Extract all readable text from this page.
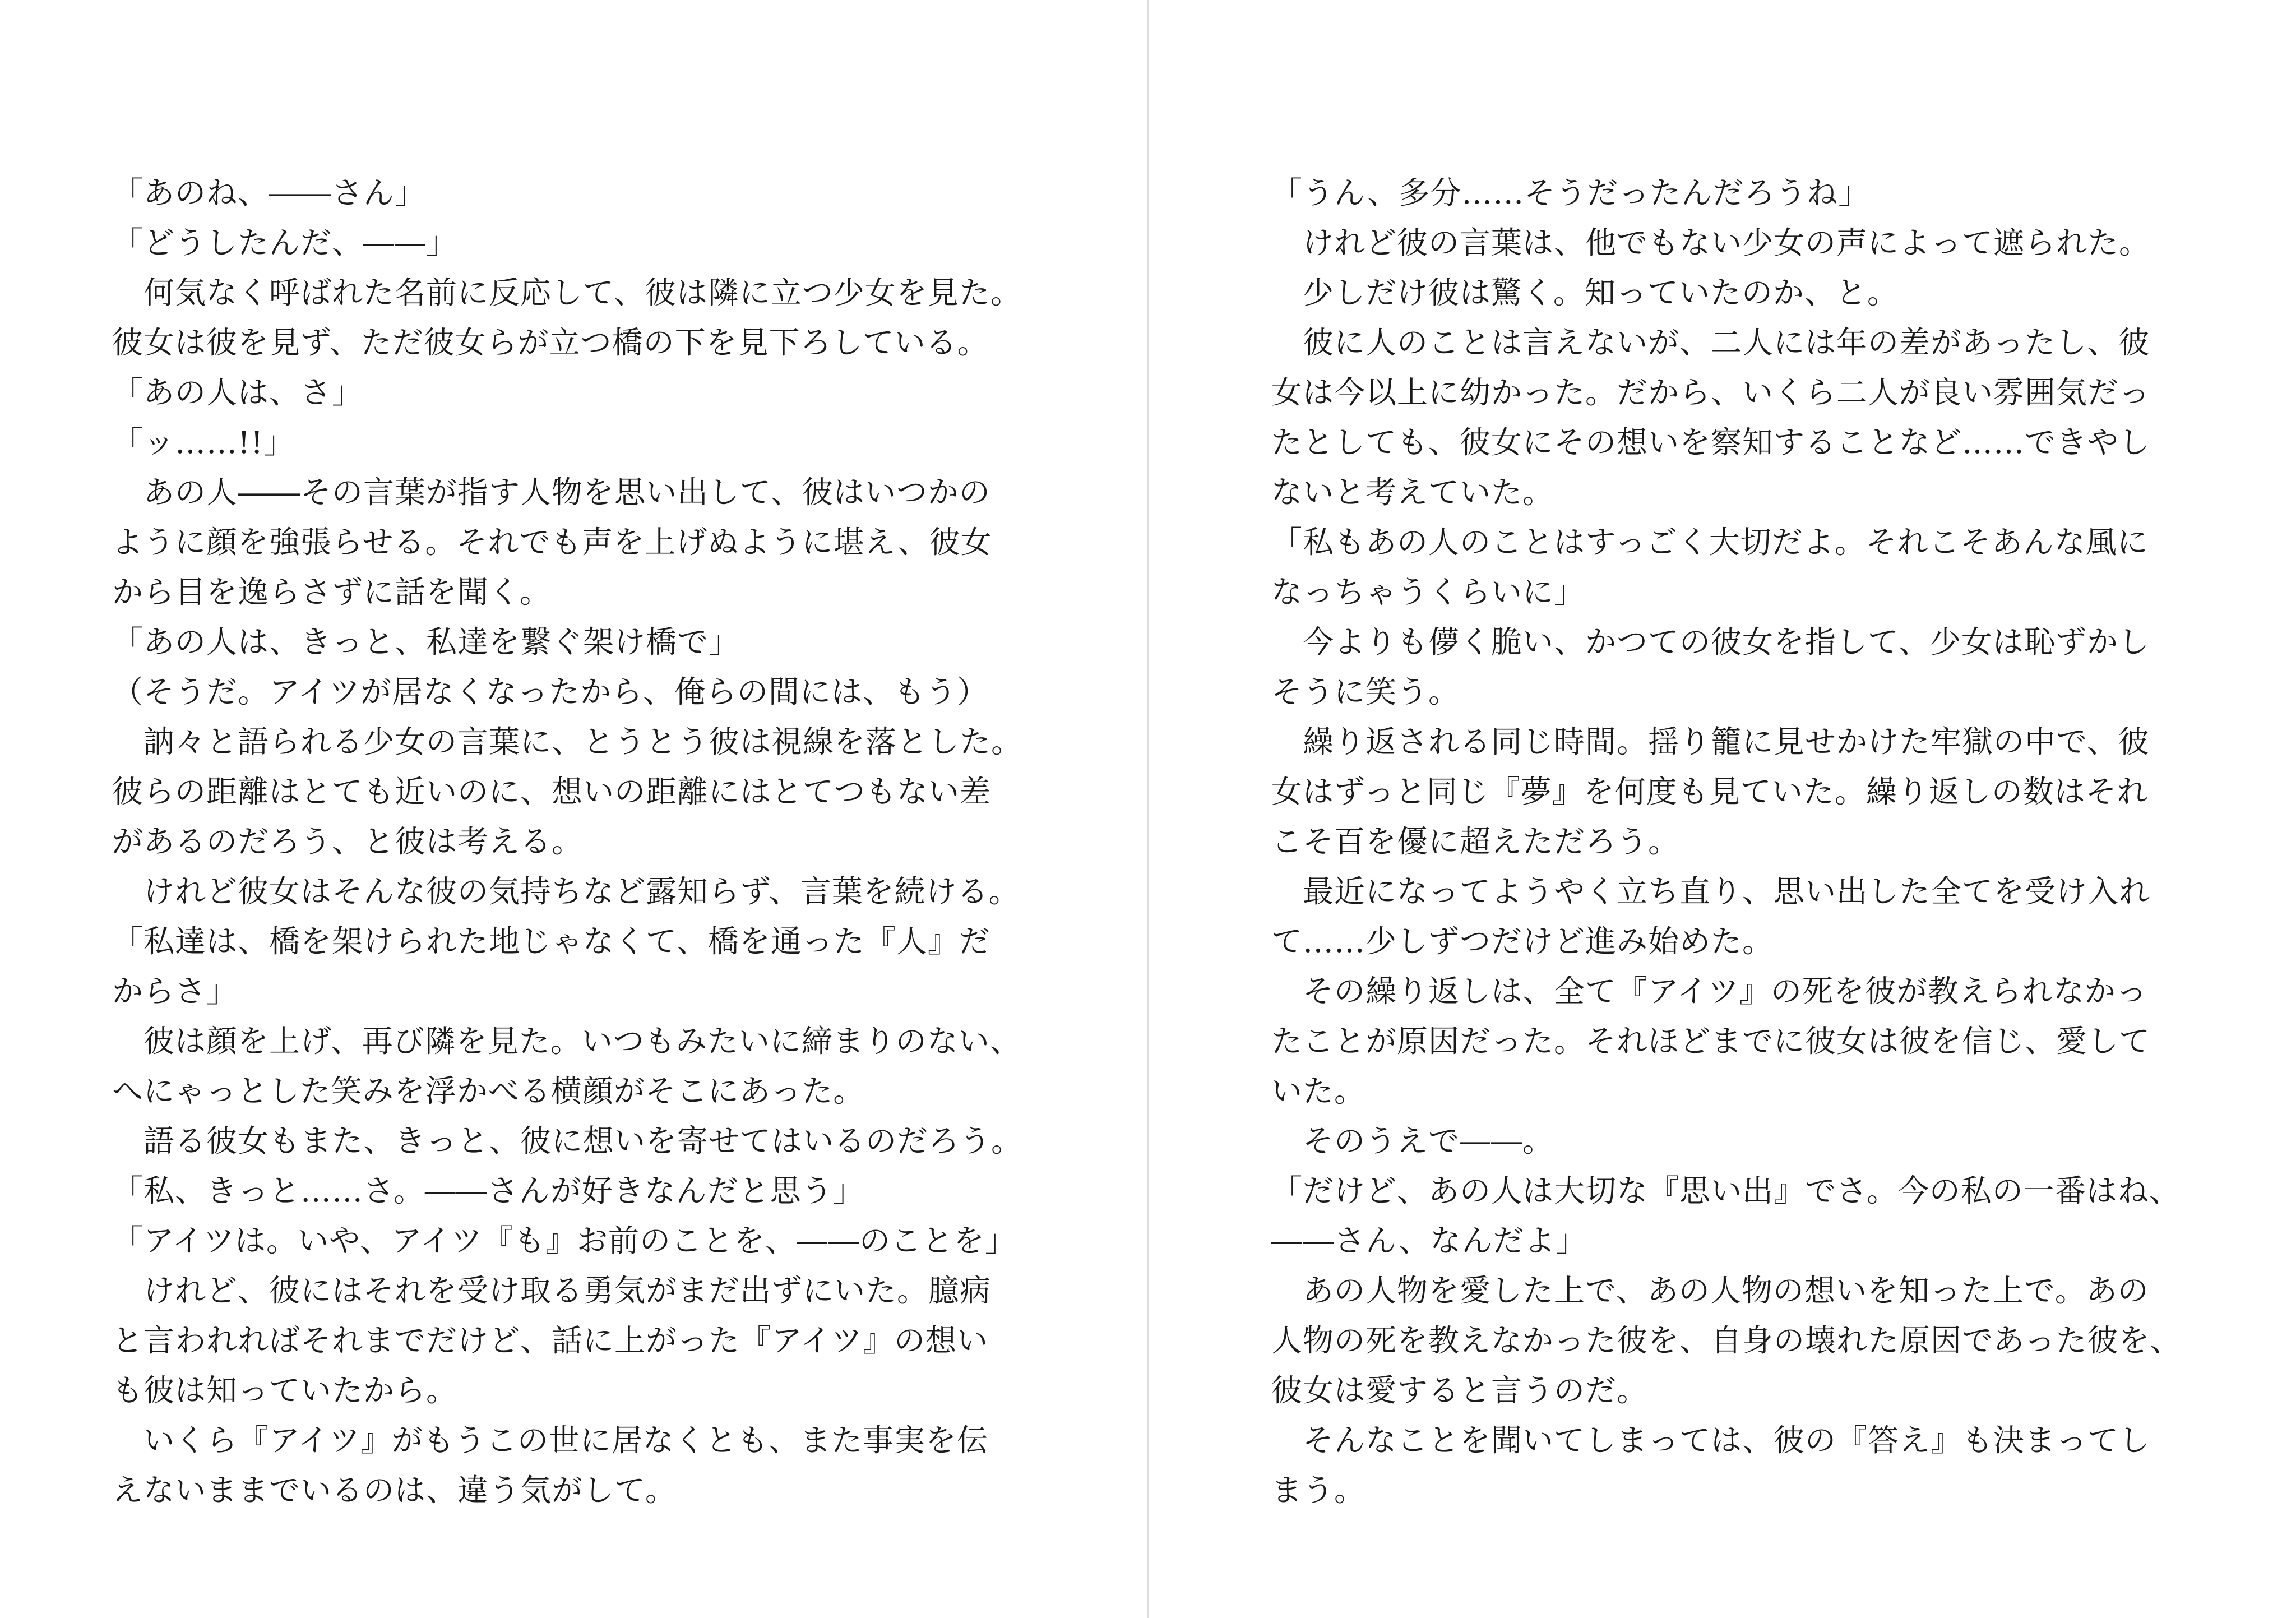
「あのね、――さん」
「どうしたんだ、――」
　何気なく呼ばれた名前に反応して、彼は隣に立つ少女を見た。
彼女は彼を見ず、ただ彼女らが立つ橋の下を見下ろしている。
「あの人は、さ」
「ッ……!!」
　あの人――その言葉が指す人物を思い出して、彼はいつかの
ように顔を強張らせる。それでも声を上げぬように堪え、彼女
から目を逸らさずに話を聞く。
「あの人は、きっと、私達を繋ぐ架け橋で」
（そうだ。アイツが居なくなったから、俺らの間には、もう）
　訥々と語られる少女の言葉に、とうとう彼は視線を落とした。
彼らの距離はとても近いのに、想いの距離にはとてつもない差
があるのだろう、と彼は考える。
　けれど彼女はそんな彼の気持ちなど露知らず、言葉を続ける。
「私達は、橋を架けられた地じゃなくて、橋を通った『人』だ
からさ」
　彼は顔を上げ、再び隣を見た。いつもみたいに締まりのない、
へにゃっとした笑みを浮かべる横顔がそこにあった。
　語る彼女もまた、きっと、彼に想いを寄せてはいるのだろう。
「私、きっと……さ。――さんが好きなんだと思う」
「アイツは。いや、アイツ『も』お前のことを、――のことを」
　けれど、彼にはそれを受け取る勇気がまだ出ずにいた。臆病
と言われればそれまでだけど、話に上がった『アイツ』の想い
も彼は知っていたから。
　いくら『アイツ』がもうこの世に居なくとも、また事実を伝
えないままでいるのは、違う気がして。
「うん、多分……そうだったんだろうね」
　けれど彼の言葉は、他でもない少女の声によって遮られた。
　少しだけ彼は驚く。知っていたのか、と。
　彼に人のことは言えないが、二人には年の差があったし、彼
女は今以上に幼かった。だから、いくら二人が良い雰囲気だっ
たとしても、彼女にその想いを察知することなど……できやし
ないと考えていた。
「私もあの人のことはすっごく大切だよ。それこそあんな風に
なっちゃうくらいに」
　今よりも儚く脆い、かつての彼女を指して、少女は恥ずかし
そうに笑う。
　繰り返される同じ時間。揺り籠に見せかけた牢獄の中で、彼
女はずっと同じ『夢』を何度も見ていた。繰り返しの数はそれ
こそ百を優に超えただろう。
　最近になってようやく立ち直り、思い出した全てを受け入れ
て……少しずつだけど進み始めた。
　その繰り返しは、全て『アイツ』の死を彼が教えられなかっ
たことが原因だった。それほどまでに彼女は彼を信じ、愛して
いた。
　そのうえで――。
「だけど、あの人は大切な『思い出』でさ。今の私の一番はね、
――さん、なんだよ」
　あの人物を愛した上で、あの人物の想いを知った上で。あの
人物の死を教えなかった彼を、自身の壊れた原因であった彼を、
彼女は愛すると言うのだ。
　そんなことを聞いてしまっては、彼の『答え』も決まってし
まう。
